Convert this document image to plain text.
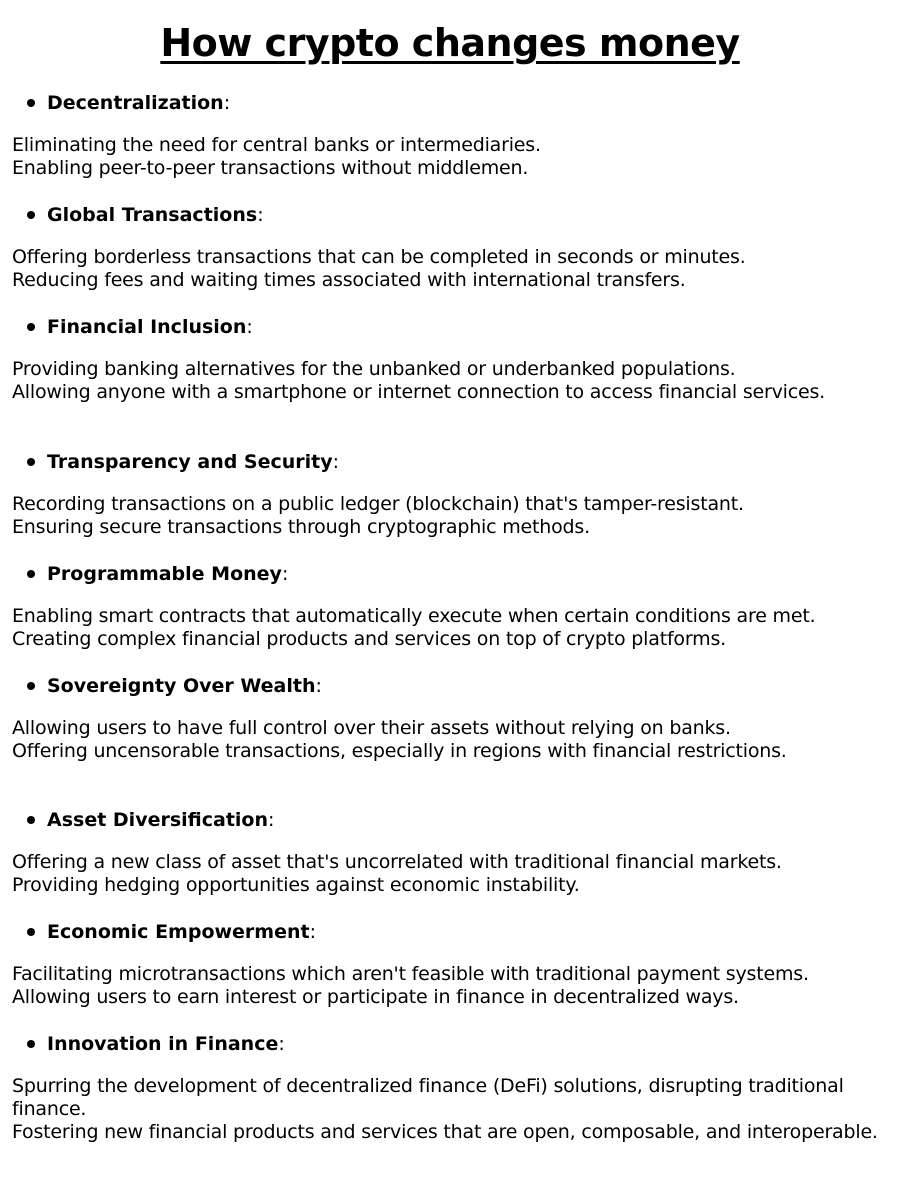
How crypto changes money
Decentralization :

Eliminating the need for central banks or intermediaries.

Enabling peer-to-peer transactions without middlemen.

Global Transactions :

Offering borderless transactions that can be completed in seconds or minutes.

Reducing fees and waiting times associated with international transfers.

Financial Inclusion :

Providing banking alternatives for the unbanked or underbanked populations.

Allowing anyone with a smartphone or internet connection to access financial services.

Transparency and Security :

Recording transactions on a public ledger (blockchain) that's tamper-resistant.

Ensuring secure transactions through cryptographic methods.

Programmable Money :

Enabling smart contracts that automatically execute when certain conditions are met.

Creating complex financial products and services on top of crypto platforms.

Sovereignty Over Wealth :

Allowing users to have full control over their assets without relying on banks.

Offering uncensorable transactions, especially in regions with financial restrictions.

Asset Diversification :

Offering a new class of asset that's uncorrelated with traditional financial markets.

Providing hedging opportunities against economic instability.

Economic Empowerment :

Facilitating microtransactions which aren't feasible with traditional payment systems.

Allowing users to earn interest or participate in finance in decentralized ways.

Innovation in Finance :

Spurring the development of decentralized finance (DeFi) solutions, disrupting traditional finance.

Fostering new financial products and services that are open, composable, and interoperable.
